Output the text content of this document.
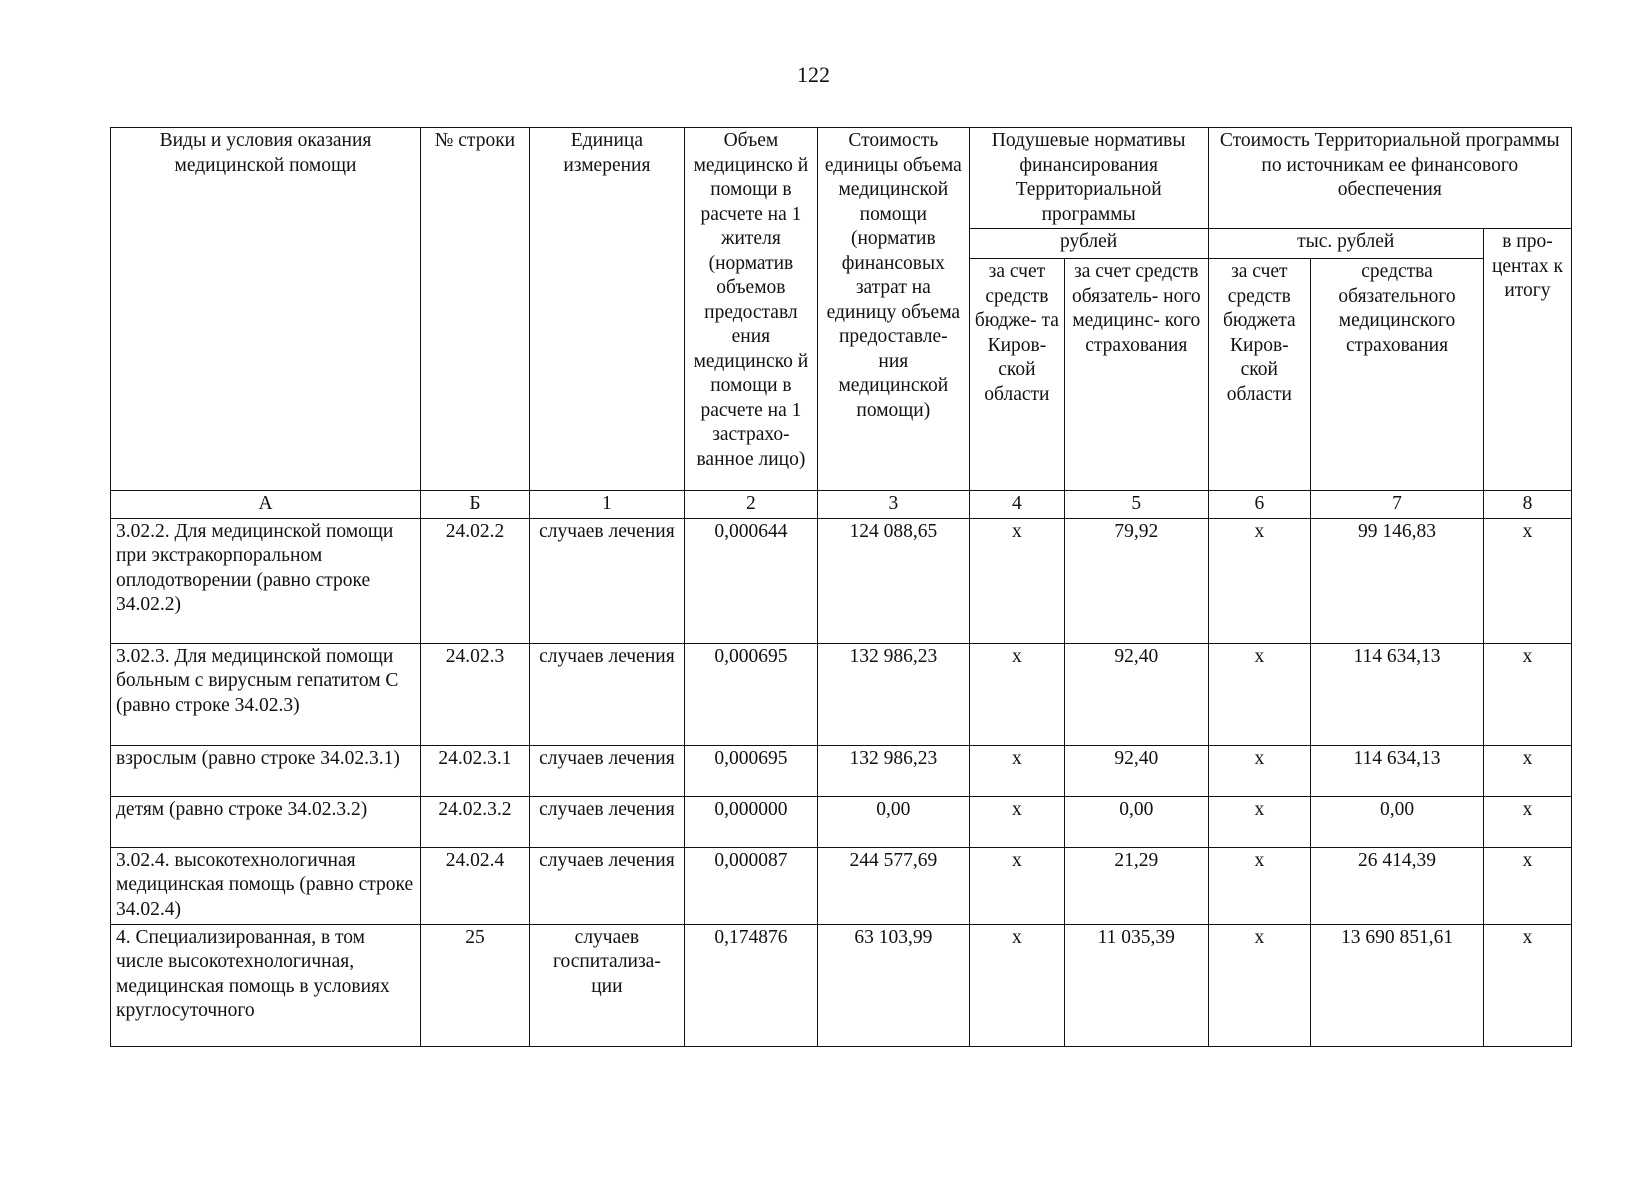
122
Виды и условия оказания медицинской помощи	№ строки	Единица измерения	Объем медицинско й помощи в расчете на 1 жителя (норматив объемов предоставл ения медицинско й помощи в расчете на 1 застрахо- ванное лицо)	Стоимость единицы объема медицинской помощи (норматив финансовых затрат на единицу объема предоставле- ния медицинской помощи)	Подушевые нормативы финансирования Территориальной программы		Стоимость Территориальной программы по источникам ее финансового обеспечения		
					рублей		тыс. рублей		в про- центах к итогу
					за счет средств бюдже- та Киров- ской области	за счет средств обязатель- ного медицинс- кого страхования	за счет средств бюджета Киров- ской области	средства обязательного медицинского страхования	

А	Б	1	2	3	4	5	6	7	8
3.02.2. Для медицинской помощи при экстракорпоральном оплодотворении (равно строке 34.02.2)	24.02.2	случаев лечения	0,000644	124 088,65	х	79,92	х	99 146,83	х
3.02.3. Для медицинской помощи больным с вирусным гепатитом С (равно строке 34.02.3)	24.02.3	случаев лечения	0,000695	132 986,23	х	92,40	х	114 634,13	х
взрослым (равно строке 34.02.3.1)	24.02.3.1	случаев лечения	0,000695	132 986,23	х	92,40	х	114 634,13	х
детям (равно строке 34.02.3.2)	24.02.3.2	случаев лечения	0,000000	0,00	х	0,00	х	0,00	х
3.02.4. высокотехнологичная медицинская помощь (равно строке 34.02.4)	24.02.4	случаев лечения	0,000087	244 577,69	х	21,29	х	26 414,39	х
4. Специализированная, в том числе высокотехнологичная, медицинская помощь в условиях круглосуточного	25	случаев госпитализа- ции	0,174876	63 103,99	х	11 035,39	х	13 690 851,61	х
